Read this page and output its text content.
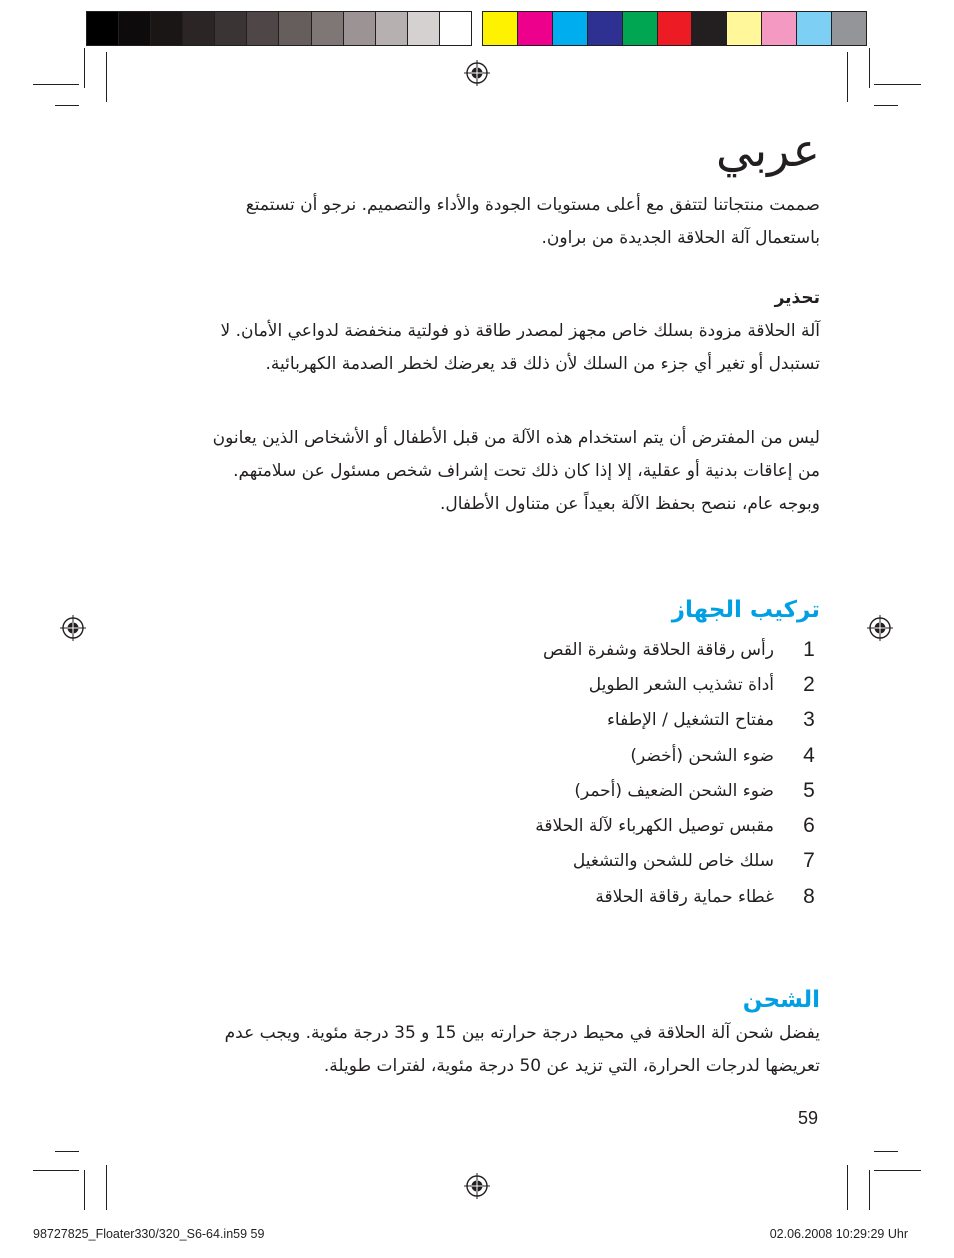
عربي

صممت منتجاتنا لتتفق مع أعلى مستويات الجودة والأداء والتصميم. نرجو أن تستمتع

باستعمال آلة الحلاقة الجديدة من براون.

تحذير

آلة الحلاقة مزودة بسلك خاص مجهز لمصدر طاقة ذو فولتية منخفضة لدواعي الأمان. لا

تستبدل أو تغير أي جزء من السلك لأن ذلك قد يعرضك لخطر الصدمة الكهربائية.

ليس من المفترض أن يتم استخدام هذه الآلة من قبل الأطفال أو الأشخاص الذين يعانون

من إعاقات بدنية أو عقلية، إلا إذا كان ذلك تحت إشراف شخص مسئول عن سلامتهم.

وبوجه عام، ننصح بحفظ الآلة بعيداً عن متناول الأطفال.

تركيب الجهاز
1
رأس رقاقة الحلاقة وشفرة القص
2
أداة تشذيب الشعر الطويل
3
مفتاح التشغيل / الإطفاء
4
ضوء الشحن (أخضر)
5
ضوء الشحن الضعيف (أحمر)
6
مقبس توصيل الكهرباء لآلة الحلاقة
7
سلك خاص للشحن والتشغيل
8
غطاء حماية رقاقة الحلاقة
الشحن

يفضل شحن آلة الحلاقة في محيط درجة حرارته بين 15 و 35 درجة مئوية. ويجب عدم

تعريضها لدرجات الحرارة، التي تزيد عن 50 درجة مئوية، لفترات طويلة.

59
98727825_Floater330/320_S6-64.in59 59	02.06.2008 10:29:29 Uhr
